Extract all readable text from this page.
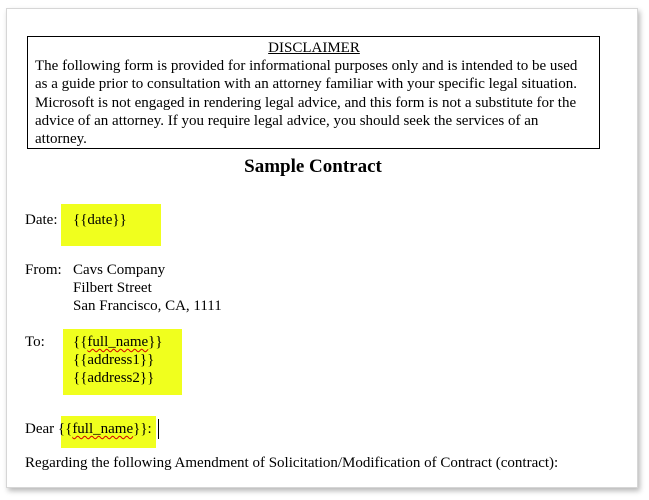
DISCLAIMER
The following form is provided for informational purposes only and is intended to be used as a guide prior to consultation with an attorney familiar with your specific legal situation. Microsoft is not engaged in rendering legal advice, and this form is not a substitute for the advice of an attorney. If you require legal advice, you should seek the services of an attorney.
Sample Contract
Date: {{date}}
From: Cavs Company
Filbert Street
San Francisco, CA, 1111
To: {{full_name}}
{{address1}}
{{address2}}
Dear {{full_name}}:
Regarding the following Amendment of Solicitation/Modification of Contract (contract):
